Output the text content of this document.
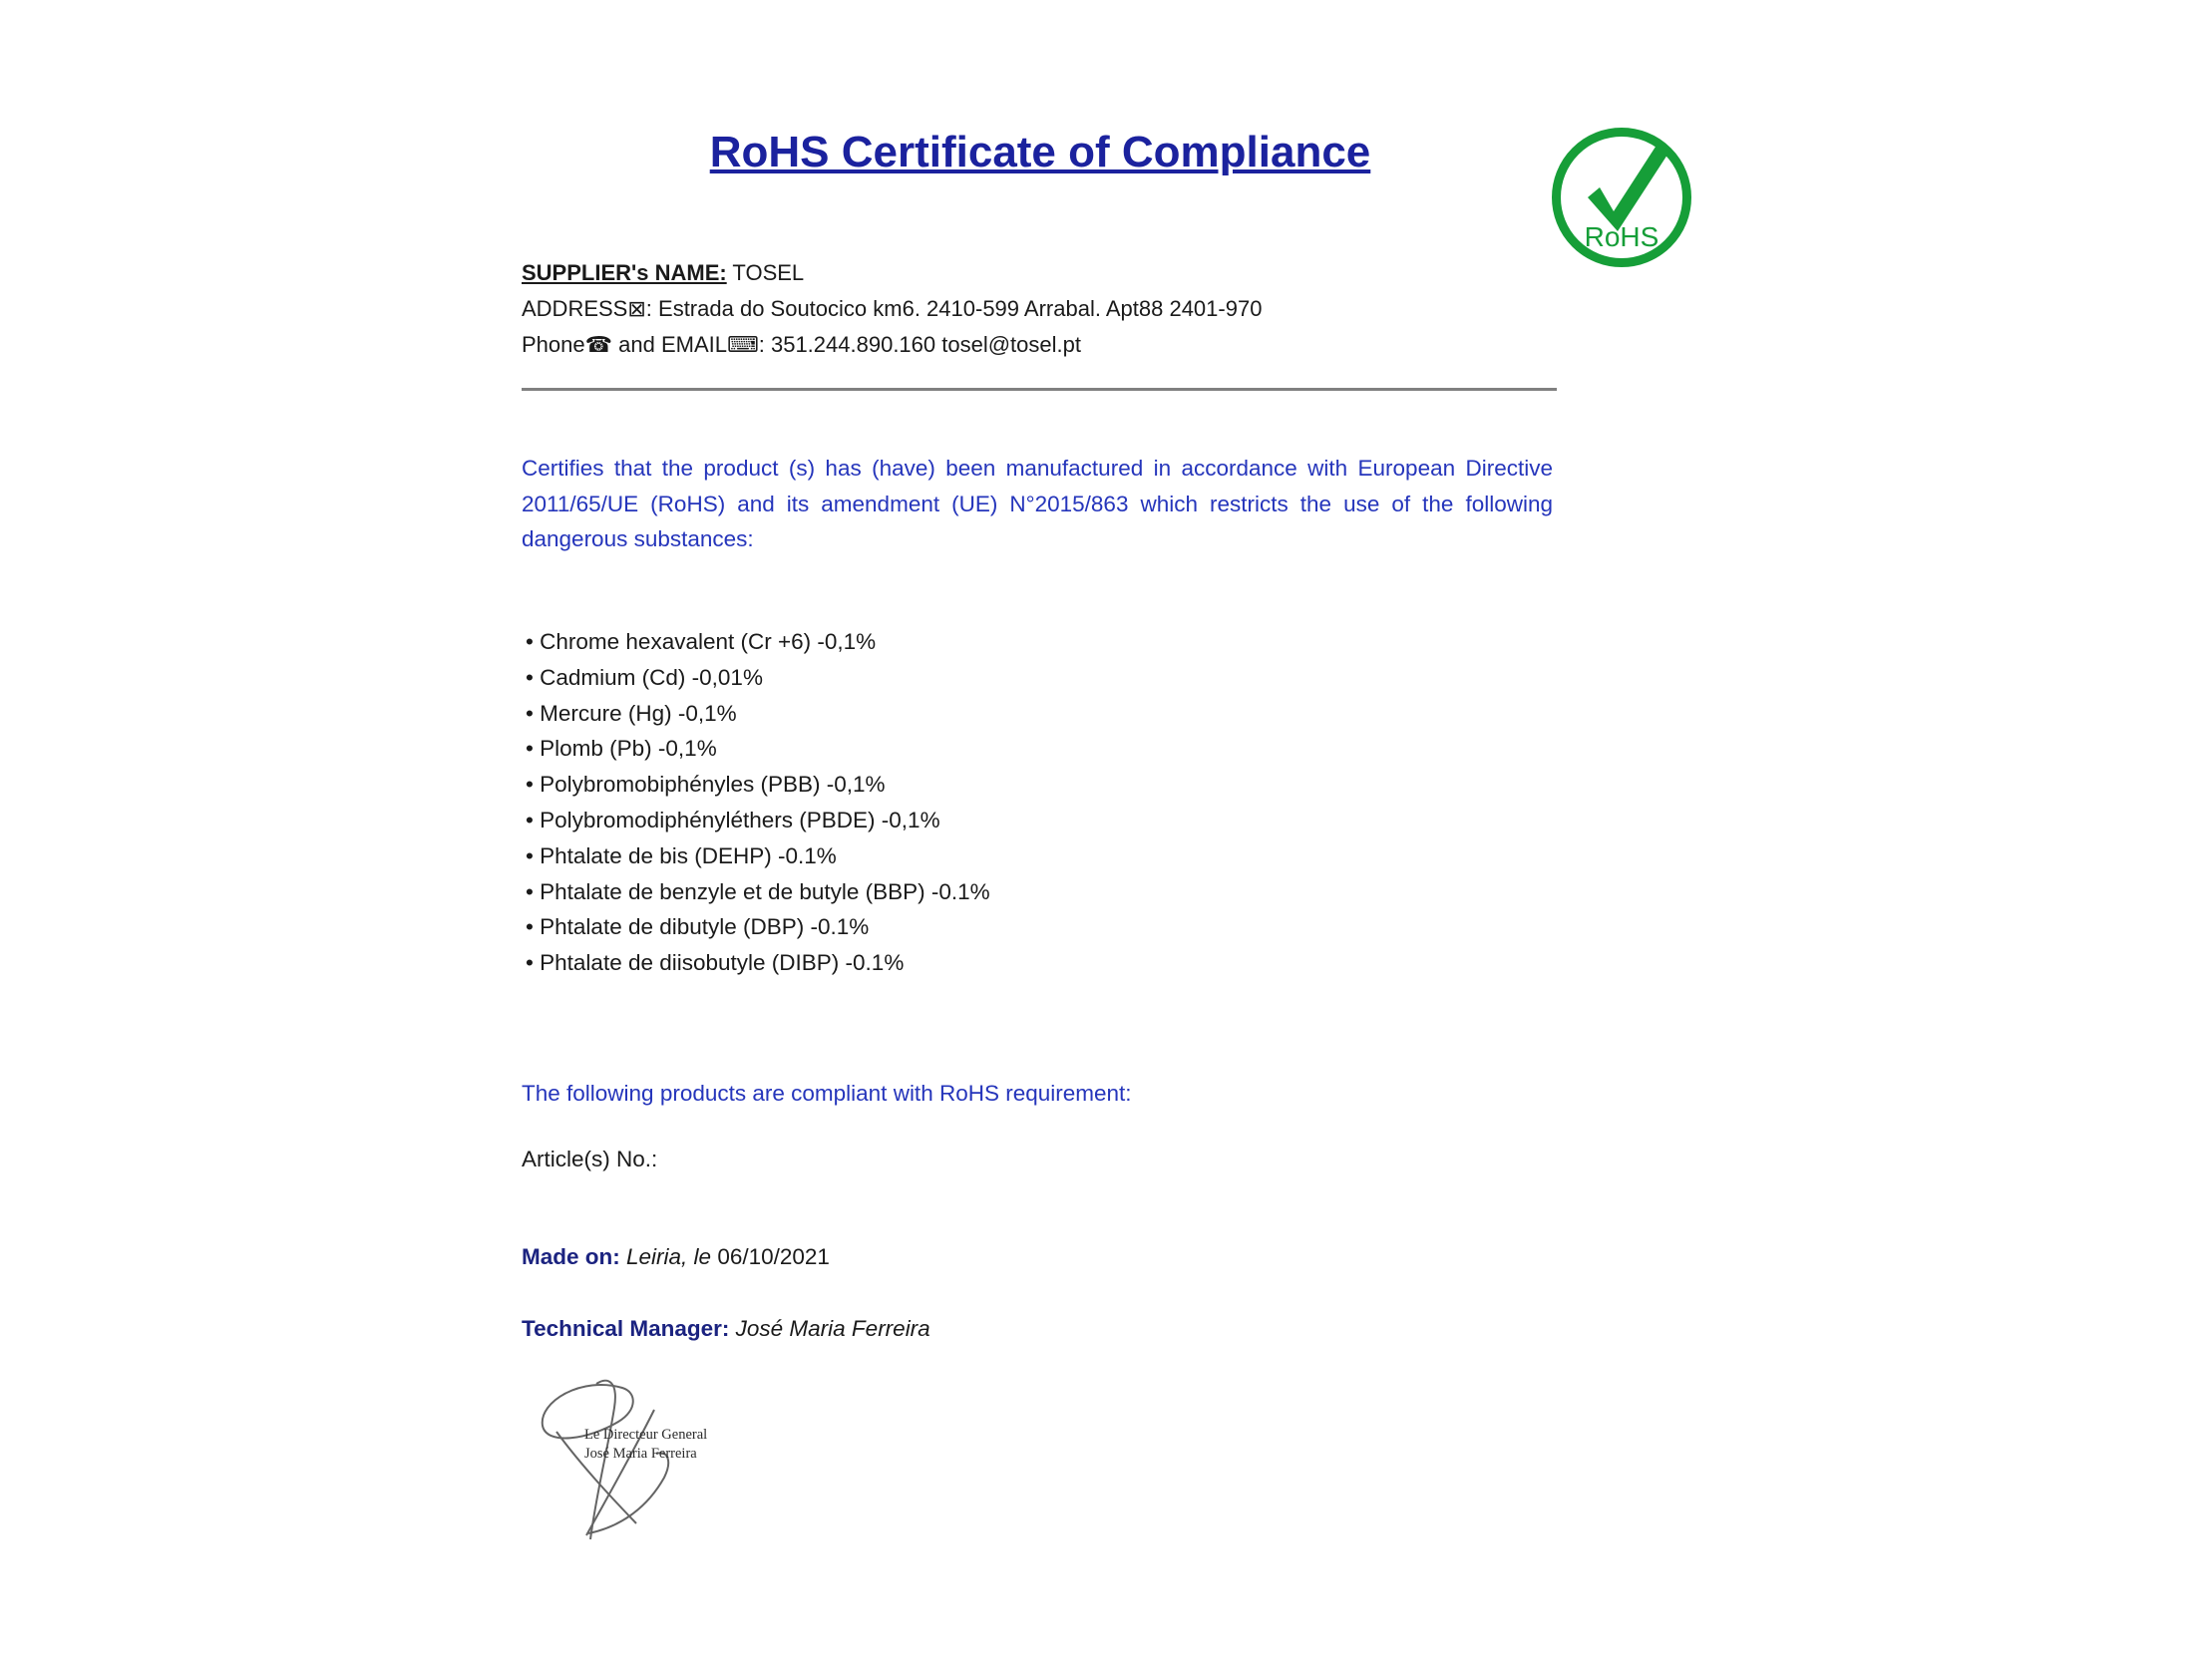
RoHS Certificate of Compliance
RoHS
SUPPLIER's NAME: TOSEL
ADDRESS⊠: Estrada do Soutocico km6. 2410-599 Arrabal. Apt88 2401-970
Phone☎ and EMAIL⌨: 351.244.890.160 tosel@tosel.pt
Certifies that the product (s) has (have) been manufactured in accordance with European Directive 2011/65/UE (RoHS) and its amendment (UE) N°2015/863 which restricts the use of the following dangerous substances:
• Chrome hexavalent (Cr +6) -0,1%
• Cadmium (Cd) -0,01%
• Mercure (Hg) -0,1%
• Plomb (Pb) -0,1%
• Polybromobiphényles (PBB) -0,1%
• Polybromodiphényléthers (PBDE) -0,1%
• Phtalate de bis (DEHP) -0.1%
• Phtalate de benzyle et de butyle (BBP) -0.1%
• Phtalate de dibutyle (DBP) -0.1%
• Phtalate de diisobutyle (DIBP) -0.1%
The following products are compliant with RoHS requirement:
Article(s) No.:
Made on: Leiria, le 06/10/2021
Technical Manager: José Maria Ferreira
Le Directeur General
José Maria Ferreira
